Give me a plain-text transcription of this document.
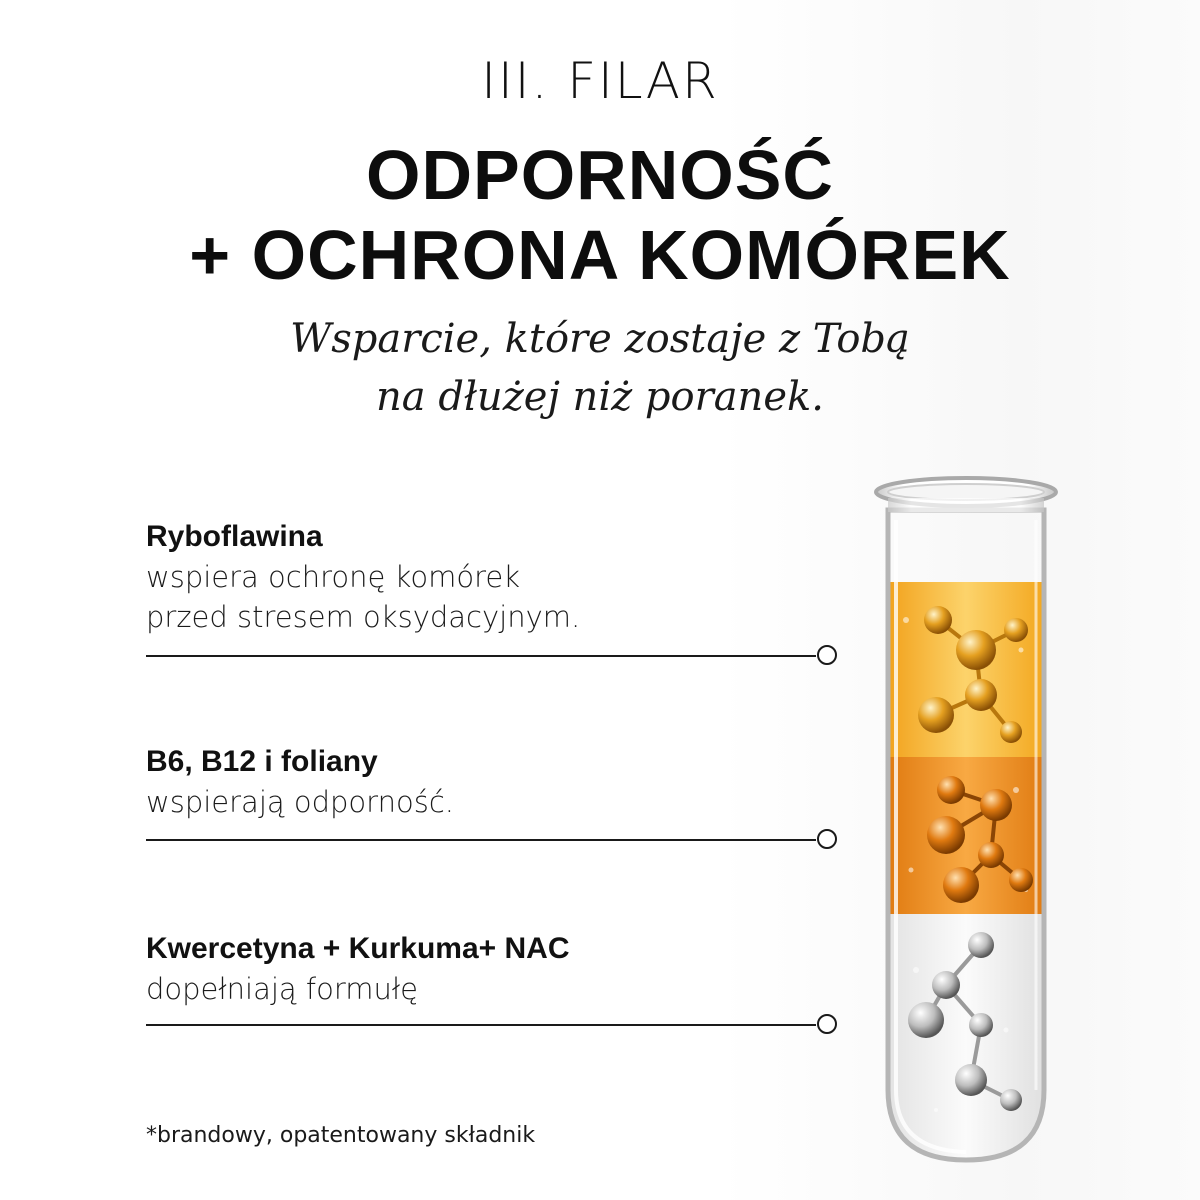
III. FILAR
ODPORNOŚĆ
+ OCHRONA KOMÓREK
Wsparcie, które zostaje z Tobą
na dłużej niż poranek.
Ryboflawina
wspiera ochronę komórek
przed stresem oksydacyjnym.
B6, B12 i foliany
wspierają odporność.
Kwercetyna + Kurkuma+ NAC
dopełniają formułę
*brandowy, opatentowany składnik
